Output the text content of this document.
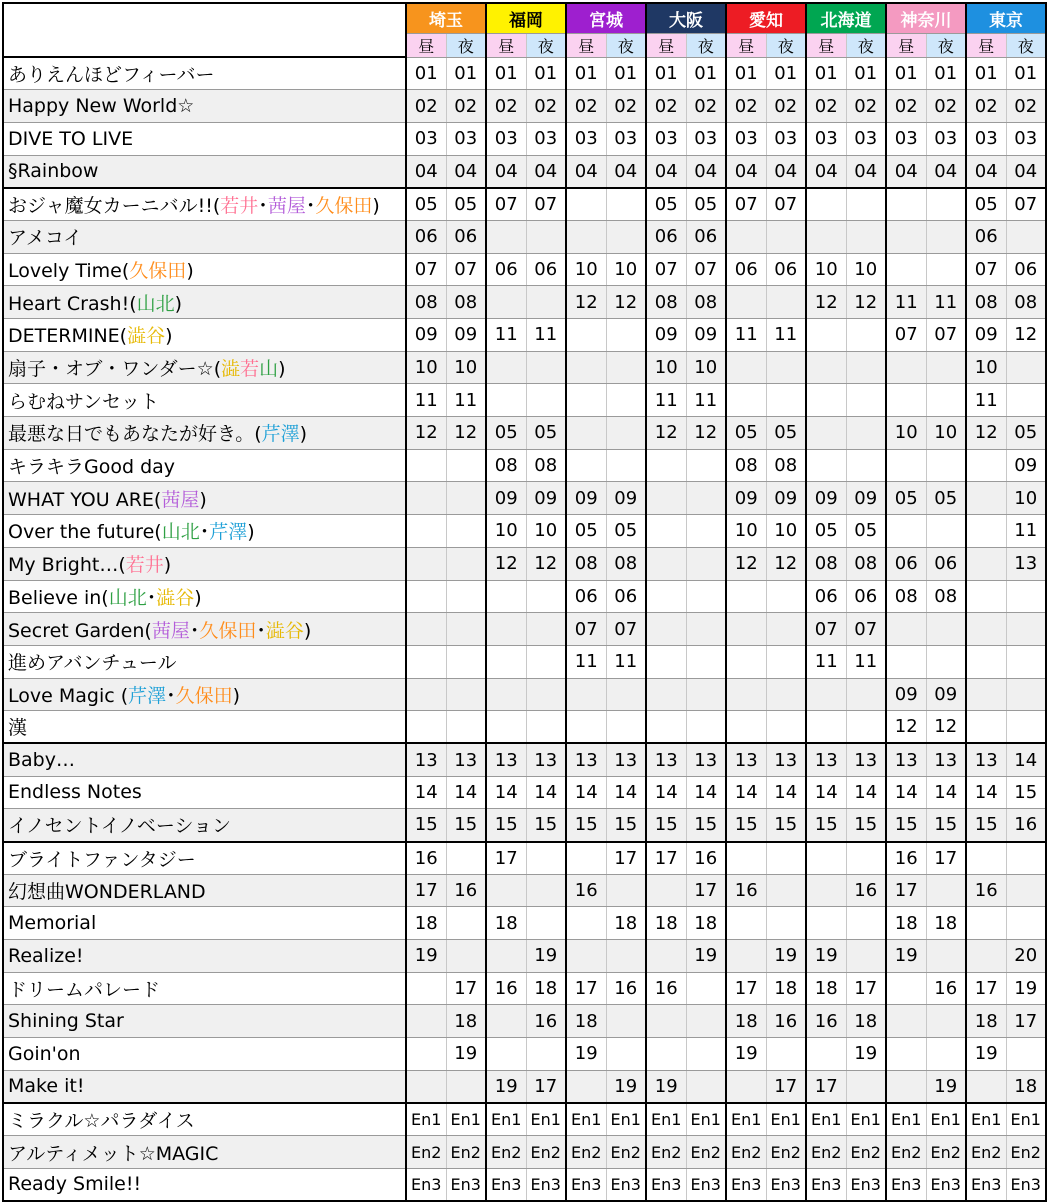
	埼玉		福岡		宮城		大阪		愛知		北海道		神奈川		東京	
	昼	夜	昼	夜	昼	夜	昼	夜	昼	夜	昼	夜	昼	夜	昼	夜
ありえんほどフィーバー	01	01	01	01	01	01	01	01	01	01	01	01	01	01	01	01
Happy New World☆	02	02	02	02	02	02	02	02	02	02	02	02	02	02	02	02
DIVE TO LIVE	03	03	03	03	03	03	03	03	03	03	03	03	03	03	03	03
§Rainbow	04	04	04	04	04	04	04	04	04	04	04	04	04	04	04	04
おジャ魔女カーニバル!!(若井･茜屋･久保田)	05	05	07	07			05	05	07	07					05	07
アメコイ	06	06					06	06							06	
Lovely Time(久保田)	07	07	06	06	10	10	07	07	06	06	10	10			07	06
Heart Crash!(山北)	08	08			12	12	08	08			12	12	11	11	08	08
DETERMINE(澁谷)	09	09	11	11			09	09	11	11			07	07	09	12
扇子・オブ・ワンダー☆(澁若山)	10	10					10	10							10	
らむねサンセット	11	11					11	11							11	
最悪な日でもあなたが好き。(芹澤)	12	12	05	05			12	12	05	05			10	10	12	05
キラキラGood day			08	08					08	08						09
WHAT YOU ARE(茜屋)			09	09	09	09			09	09	09	09	05	05		10
Over the future(山北･芹澤)			10	10	05	05			10	10	05	05				11
My Bright…(若井)			12	12	08	08			12	12	08	08	06	06		13
Believe in(山北･澁谷)					06	06					06	06	08	08		
Secret Garden(茜屋･久保田･澁谷)					07	07					07	07				
進めアバンチュール					11	11					11	11				
Love Magic (芹澤･久保田)													09	09		
漢													12	12		
Baby…	13	13	13	13	13	13	13	13	13	13	13	13	13	13	13	14
Endless Notes	14	14	14	14	14	14	14	14	14	14	14	14	14	14	14	15
イノセントイノベーション	15	15	15	15	15	15	15	15	15	15	15	15	15	15	15	16
ブライトファンタジー	16		17			17	17	16					16	17		
幻想曲WONDERLAND	17	16			16			17	16			16	17		16	
Memorial	18		18			18	18	18					18	18		
Realize!	19			19				19		19	19		19			20
ドリームパレード		17	16	18	17	16	16		17	18	18	17		16	17	19
Shining Star		18		16	18				18	16	16	18			18	17
Goin'on		19			19				19			19			19	
Make it!			19	17		19	19			17	17			19		18
ミラクル☆パラダイス	En1	En1	En1	En1	En1	En1	En1	En1	En1	En1	En1	En1	En1	En1	En1	En1
アルティメット☆MAGIC	En2	En2	En2	En2	En2	En2	En2	En2	En2	En2	En2	En2	En2	En2	En2	En2
Ready Smile!!	En3	En3	En3	En3	En3	En3	En3	En3	En3	En3	En3	En3	En3	En3	En3	En3
